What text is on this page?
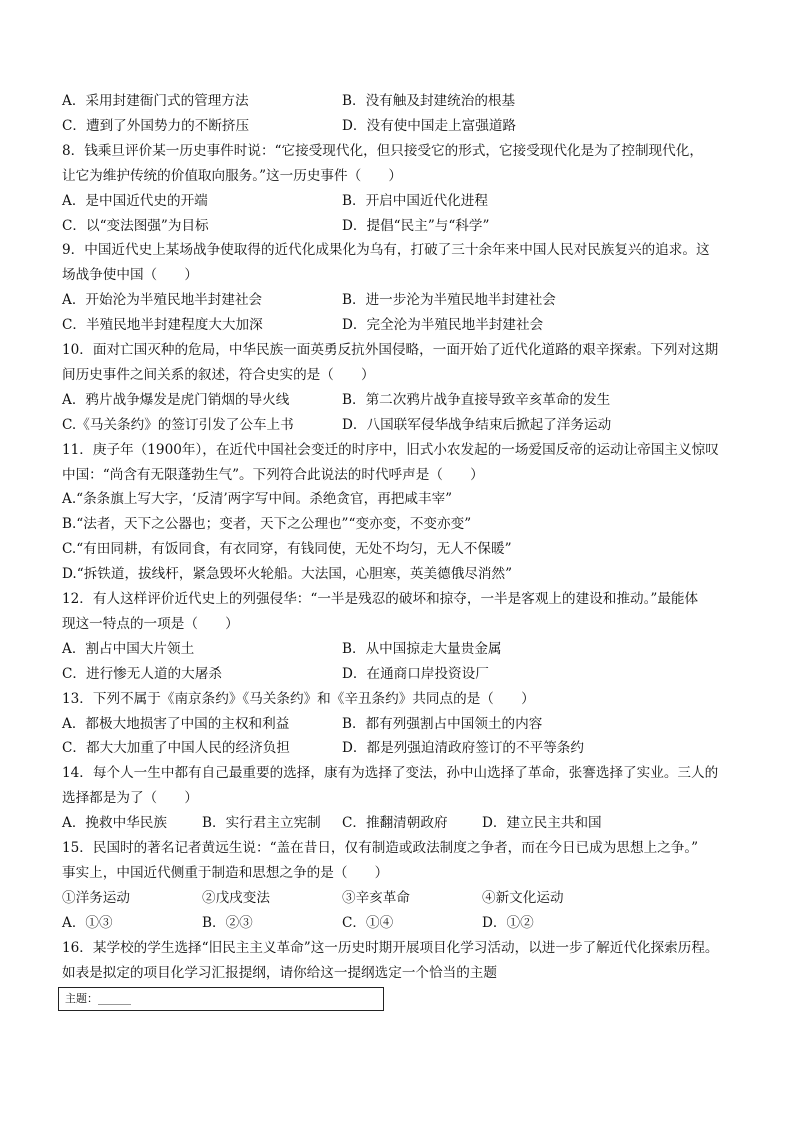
A．采用封建衙门式的管理方法	B．没有触及封建统治的根基
C．遭到了外国势力的不断挤压	D．没有使中国走上富强道路
8．钱乘旦评价某一历史事件时说：“它接受现代化，但只接受它的形式，它接受现代化是为了控制现代化，
让它为维护传统的价值取向服务。”这一历史事件（　　）
A．是中国近代史的开端	B．开启中国近代化进程
C．以“变法图强”为目标	D．提倡“民主”与“科学”
9．中国近代史上某场战争使取得的近代化成果化为乌有，打破了三十余年来中国人民对民族复兴的追求。这
场战争使中国（　　）
A．开始沦为半殖民地半封建社会	B．进一步沦为半殖民地半封建社会
C．半殖民地半封建程度大大加深	D．完全沦为半殖民地半封建社会
10．面对亡国灭种的危局，中华民族一面英勇反抗外国侵略，一面开始了近代化道路的艰辛探索。下列对这期
间历史事件之间关系的叙述，符合史实的是（　　）
A．鸦片战争爆发是虎门销烟的导火线	B．第二次鸦片战争直接导致辛亥革命的发生
C.《马关条约》的签订引发了公车上书	D．八国联军侵华战争结束后掀起了洋务运动
11．庚子年（1900年），在近代中国社会变迁的时序中，旧式小农发起的一场爱国反帝的运动让帝国主义惊叹
中国：“尚含有无限蓬勃生气”。下列符合此说法的时代呼声是（　　）
A.“条条旗上写大字，‘反清’两字写中间。杀绝贪官，再把咸丰宰”
B.“法者，天下之公器也；变者，天下之公理也”“变亦变，不变亦变”
C.“有田同耕，有饭同食，有衣同穿，有钱同使，无处不均匀，无人不保暖”
D.“拆铁道，拔线杆，紧急毁坏火轮船。大法国，心胆寒，英美德俄尽消然”
12．有人这样评价近代史上的列强侵华：“一半是残忍的破坏和掠夺，一半是客观上的建设和推动。”最能体
现这一特点的一项是（　　）
A．割占中国大片领土	B．从中国掠走大量贵金属
C．进行惨无人道的大屠杀	D．在通商口岸投资设厂
13．下列不属于《南京条约》《马关条约》和《辛丑条约》共同点的是（　　）
A．都极大地损害了中国的主权和利益	B．都有列强割占中国领土的内容
C．都大大加重了中国人民的经济负担	D．都是列强迫清政府签订的不平等条约
14．每个人一生中都有自己最重要的选择，康有为选择了变法，孙中山选择了革命，张謇选择了实业。三人的
选择都是为了（　　）
A．挽救中华民族	B．实行君主立宪制 C．推翻清朝政府	D．建立民主共和国
15．民国时的著名记者黄远生说：“盖在昔日，仅有制造或政法制度之争者，而在今日已成为思想上之争。”
事实上，中国近代侧重于制造和思想之争的是（　　）
①洋务运动	②戊戌变法	③辛亥革命	④新文化运动
A．①③	B．②③	C．①④	D．①②
16．某学校的学生选择“旧民主主义革命”这一历史时期开展项目化学习活动，以进一步了解近代化探索历程。
如表是拟定的项目化学习汇报提纲，请你给这一提纲选定一个恰当的主题
主题：______
